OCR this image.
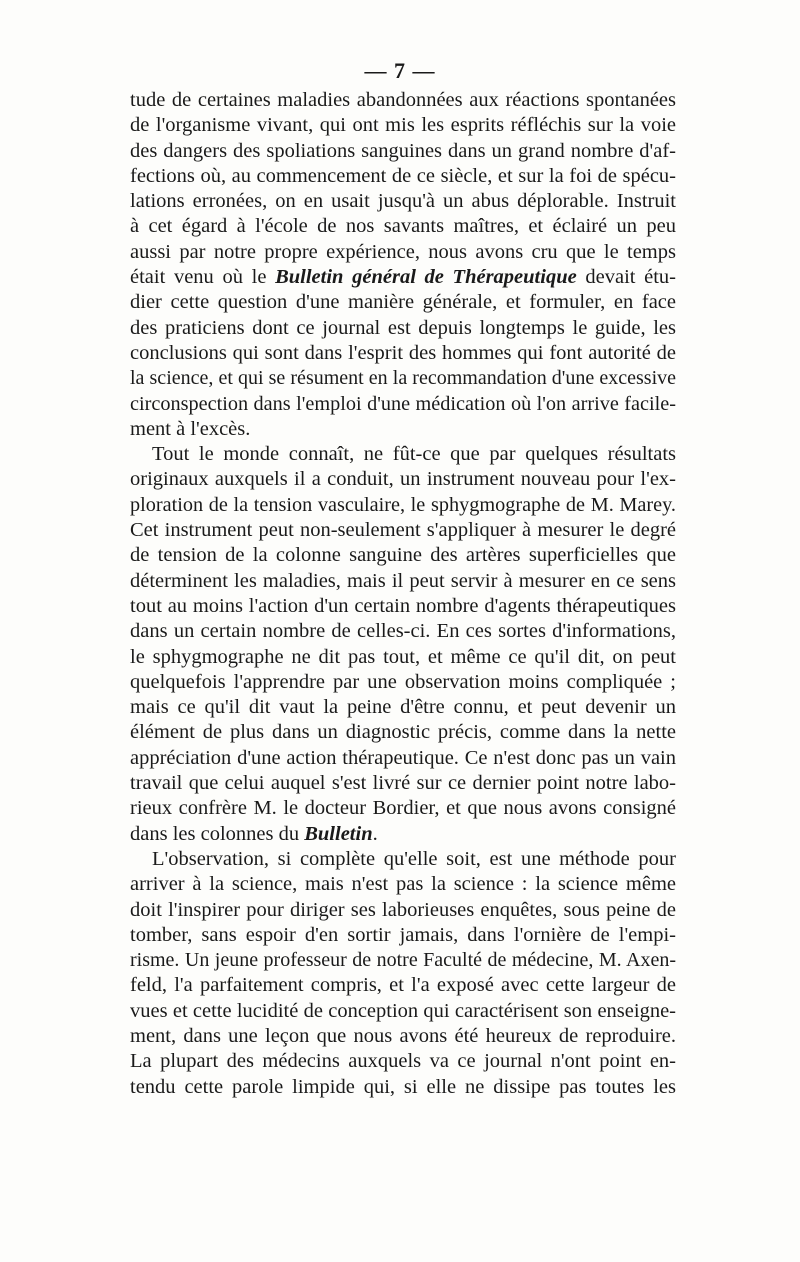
— 7 —
tude de certaines maladies abandonnées aux réactions spontanées
de l'organisme vivant, qui ont mis les esprits réfléchis sur la voie
des dangers des spoliations sanguines dans un grand nombre d'af-
fections où, au commencement de ce siècle, et sur la foi de spécu-
lations erronées, on en usait jusqu'à un abus déplorable. Instruit
à cet égard à l'école de nos savants maîtres, et éclairé un peu
aussi par notre propre expérience, nous avons cru que le temps
était venu où le Bulletin général de Thérapeutique devait étu-
dier cette question d'une manière générale, et formuler, en face
des praticiens dont ce journal est depuis longtemps le guide, les
conclusions qui sont dans l'esprit des hommes qui font autorité de
la science, et qui se résument en la recommandation d'une excessive
circonspection dans l'emploi d'une médication où l'on arrive facile-
ment à l'excès.
Tout le monde connaît, ne fût-ce que par quelques résultats
originaux auxquels il a conduit, un instrument nouveau pour l'ex-
ploration de la tension vasculaire, le sphygmographe de M. Marey.
Cet instrument peut non-seulement s'appliquer à mesurer le degré
de tension de la colonne sanguine des artères superficielles que
déterminent les maladies, mais il peut servir à mesurer en ce sens
tout au moins l'action d'un certain nombre d'agents thérapeutiques
dans un certain nombre de celles-ci. En ces sortes d'informations,
le sphygmographe ne dit pas tout, et même ce qu'il dit, on peut
quelquefois l'apprendre par une observation moins compliquée ;
mais ce qu'il dit vaut la peine d'être connu, et peut devenir un
élément de plus dans un diagnostic précis, comme dans la nette
appréciation d'une action thérapeutique. Ce n'est donc pas un vain
travail que celui auquel s'est livré sur ce dernier point notre labo-
rieux confrère M. le docteur Bordier, et que nous avons consigné
dans les colonnes du Bulletin.
L'observation, si complète qu'elle soit, est une méthode pour
arriver à la science, mais n'est pas la science : la science même
doit l'inspirer pour diriger ses laborieuses enquêtes, sous peine de
tomber, sans espoir d'en sortir jamais, dans l'ornière de l'empi-
risme. Un jeune professeur de notre Faculté de médecine, M. Axen-
feld, l'a parfaitement compris, et l'a exposé avec cette largeur de
vues et cette lucidité de conception qui caractérisent son enseigne-
ment, dans une leçon que nous avons été heureux de reproduire.
La plupart des médecins auxquels va ce journal n'ont point en-
tendu cette parole limpide qui, si elle ne dissipe pas toutes les
